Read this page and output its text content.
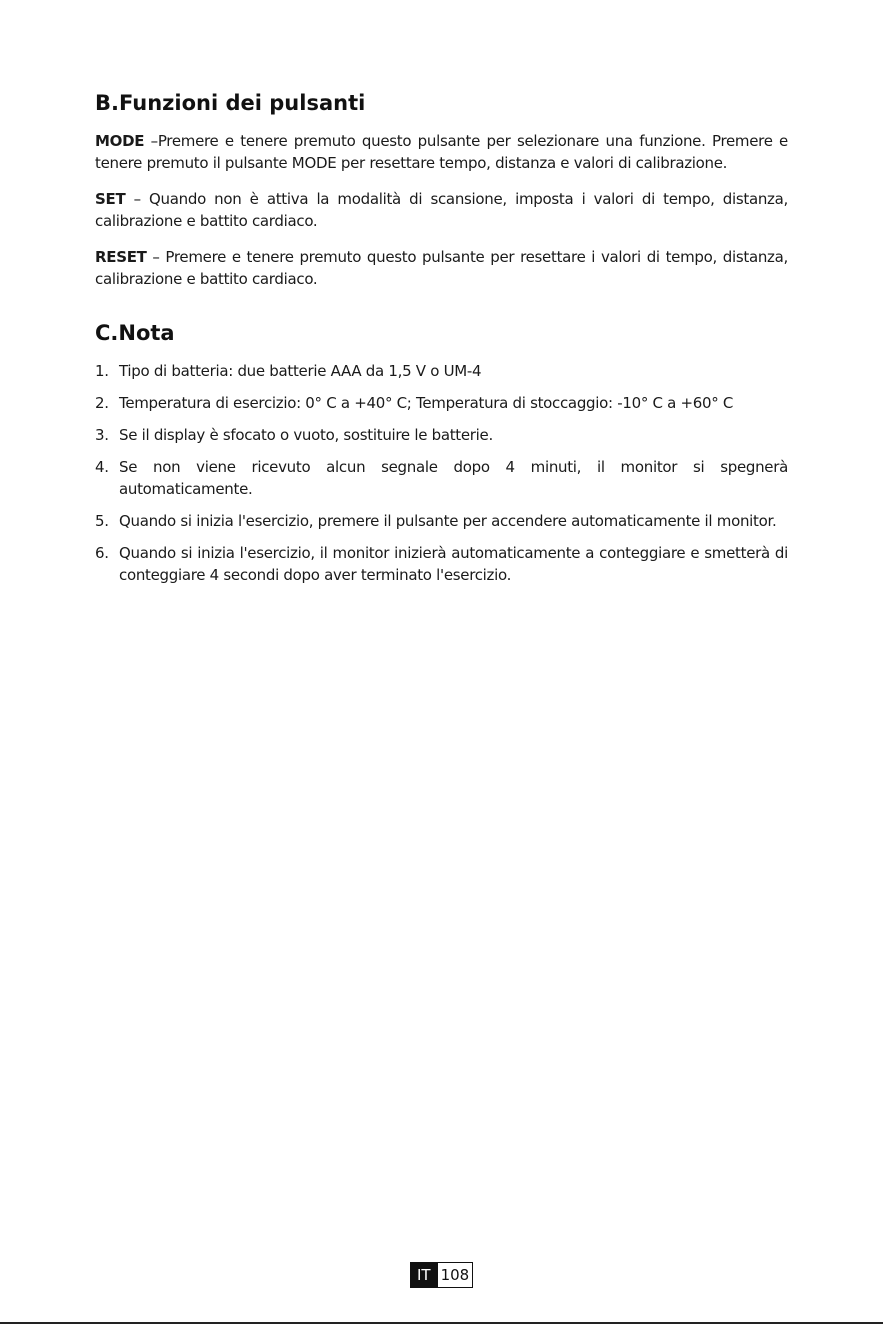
B.Funzioni dei pulsanti

MODE –Premere e tenere premuto questo pulsante per selezionare una funzione. Premere e tenere premuto il pulsante MODE per resettare tempo, distanza e valori di calibrazione.

SET – Quando non è attiva la modalità di scansione, imposta i valori di tempo, distanza, calibrazione e battito cardiaco.

RESET – Premere e tenere premuto questo pulsante per resettare i valori di tempo, distanza, calibrazione e battito cardiaco.

C.Nota
1. Tipo di batteria: due batterie AAA da 1,5 V o UM-4
2. Temperatura di esercizio: 0° C a +40° C; Temperatura di stoccaggio: -10° C a +60° C
3. Se il display è sfocato o vuoto, sostituire le batterie.
4. Se non viene ricevuto alcun segnale dopo 4 minuti, il monitor si spegnerà automaticamente.
5. Quando si inizia l'esercizio, premere il pulsante per accendere automaticamente il monitor.
6. Quando si inizia l'esercizio, il monitor inizierà automaticamente a conteggiare e smetterà di conteggiare 4 secondi dopo aver terminato l'esercizio.
IT 108
